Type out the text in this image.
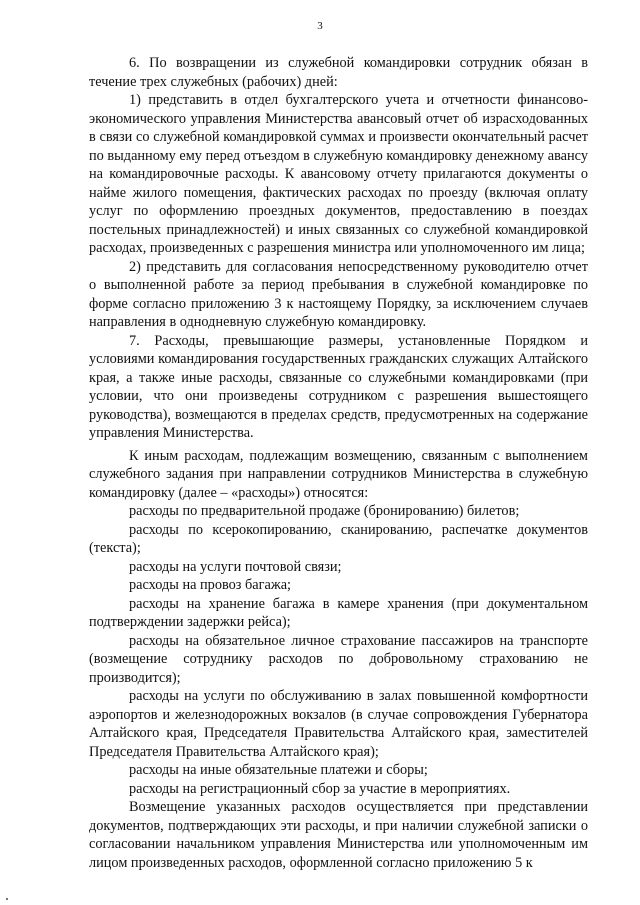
3

6. По возвращении из служебной командировки сотрудник обязан в течение трех служебных (рабочих) дней:

1) представить в отдел бухгалтерского учета и отчетности финансово-экономического управления Министерства авансовый отчет об израсходованных в связи со служебной командировкой суммах и произвести окончательный расчет по выданному ему перед отъездом в служебную командировку денежному авансу на командировочные расходы. К авансовому отчету прилагаются документы о найме жилого помещения, фактических расходах по проезду (включая оплату услуг по оформлению проездных документов, предоставлению в поездах постельных принадлежностей) и иных связанных со служебной командировкой расходах, произведенных с разрешения министра или уполномоченного им лица;

2) представить для согласования непосредственному руководителю отчет о выполненной работе за период пребывания в служебной командировке по форме согласно приложению 3 к настоящему Порядку, за исключением случаев направления в однодневную служебную командировку.

7. Расходы, превышающие размеры, установленные Порядком и условиями командирования государственных гражданских служащих Алтайского края, а также иные расходы, связанные со служебными командировками (при условии, что они произведены сотрудником с разрешения вышестоящего руководства), возмещаются в пределах средств, предусмотренных на содержание управления Министерства.

К иным расходам, подлежащим возмещению, связанным с выполнением служебного задания при направлении сотрудников Министерства в служебную командировку (далее – «расходы») относятся:

расходы по предварительной продаже (бронированию) билетов;

расходы по ксерокопированию, сканированию, распечатке документов (текста);

расходы на услуги почтовой связи;

расходы на провоз багажа;

расходы на хранение багажа в камере хранения (при документальном подтверждении задержки рейса);

расходы на обязательное личное страхование пассажиров на транспорте (возмещение сотруднику расходов по добровольному страхованию не производится);

расходы на услуги по обслуживанию в залах повышенной комфортности аэропортов и железнодорожных вокзалов (в случае сопровождения Губернатора Алтайского края, Председателя Правительства Алтайского края, заместителей Председателя Правительства Алтайского края);

расходы на иные обязательные платежи и сборы;

расходы на регистрационный сбор за участие в мероприятиях.

Возмещение указанных расходов осуществляется при представлении документов, подтверждающих эти расходы, и при наличии служебной записки о согласовании начальником управления Министерства или уполномоченным им лицом произведенных расходов, оформленной согласно приложению 5 к
